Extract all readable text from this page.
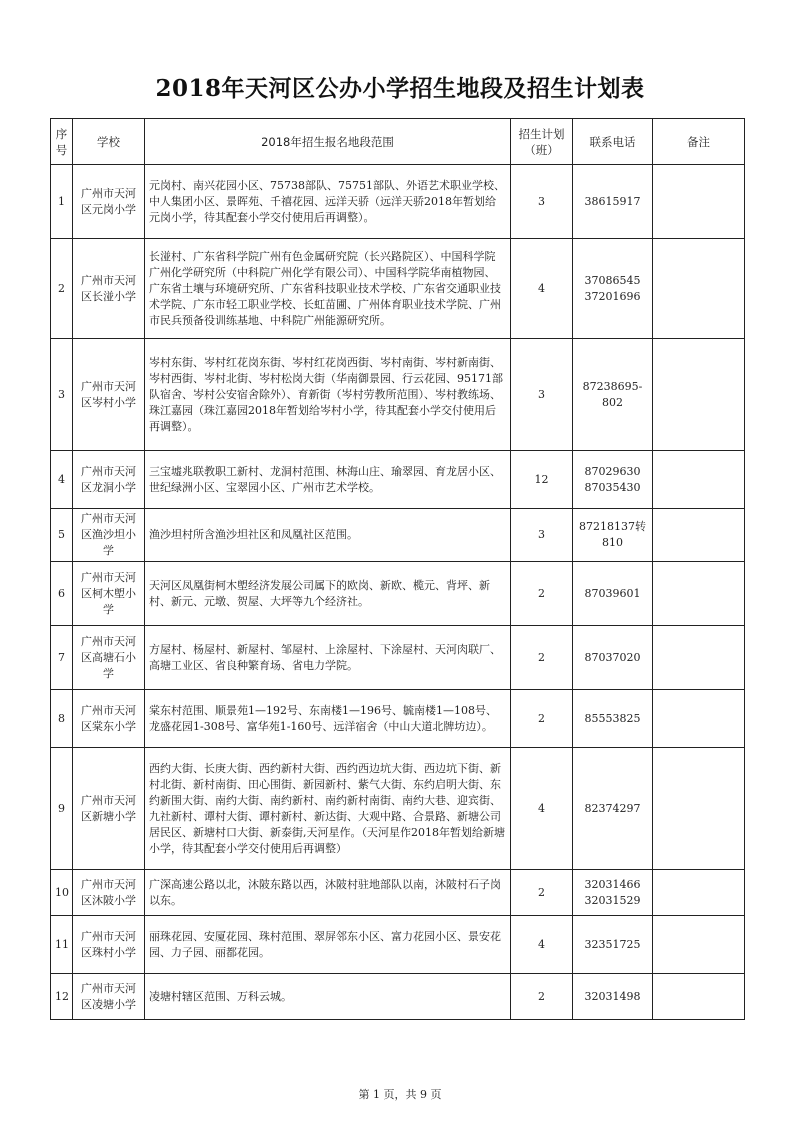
2018年天河区公办小学招生地段及招生计划表
序号	学校	2018年招生报名地段范围	招生计划（班）	联系电话	备注
1	广州市天河区元岗小学	元岗村、南兴花园小区、75738部队、75751部队、外语艺术职业学校、中人集团小区、景晖苑、千禧花园、远洋天骄（远洋天骄2018年暂划给元岗小学，待其配套小学交付使用后再调整）。	3	38615917	

2	广州市天河区长湴小学	长湴村、广东省科学院广州有色金属研究院（长兴路院区）、中国科学院广州化学研究所（中科院广州化学有限公司）、中国科学院华南植物园、广东省土壤与环境研究所、广东省科技职业技术学校、广东省交通职业技术学院、广东市轻工职业学校、长虹苗圃、广州体育职业技术学院、广州市民兵预备役训练基地、中科院广州能源研究所。	4	37086545
37201696	

3	广州市天河区岑村小学	岑村东街、岑村红花岗东街、岑村红花岗西街、岑村南街、岑村新南街、岑村西街、岑村北街、岑村松岗大街（华南御景园、行云花园、95171部队宿舍、岑村公安宿舍除外）、育新街（岑村劳教所范围）、岑村教练场、珠江嘉园（珠江嘉园2018年暂划给岑村小学，待其配套小学交付使用后再调整）。	3	87238695-802	

4	广州市天河区龙洞小学	三宝墟兆联教职工新村、龙洞村范围、林海山庄、瑜翠园、育龙居小区、世纪绿洲小区、宝翠园小区、广州市艺术学校。	12	87029630
87035430	

5	广州市天河区渔沙坦小学	渔沙坦村所含渔沙坦社区和凤凰社区范围。	3	87218137转810	

6	广州市天河区柯木塱小学	天河区凤凰街柯木塱经济发展公司属下的欧岗、新欧、榄元、背坪、新村、新元、元墩、贺屋、大坪等九个经济社。	2	87039601	

7	广州市天河区高塘石小学	方屋村、杨屋村、新屋村、邹屋村、上涂屋村、下涂屋村、天河肉联厂、高塘工业区、省良种繁育场、省电力学院。	2	87037020	

8	广州市天河区棠东小学	棠东村范围、顺景苑1—192号、东南楼1—196号、毓南楼1—108号、龙盛花园1-308号、富华苑1-160号、远洋宿舍（中山大道北牌坊边）。	2	85553825	

9	广州市天河区新塘小学	西约大街、长庚大街、西约新村大街、西约西边坑大街、西边坑下街、新村北街、新村南街、田心围街、新园新村、紫气大街、东约启明大街、东约新围大街、南约大街、南约新村、南约新村南街、南约大巷、迎宾街、九社新村、谭村大街、谭村新村、新达街、大观中路、合景路、新塘公司居民区、新塘村口大街、新泰街,天河星作。（天河星作2018年暂划给新塘小学，待其配套小学交付使用后再调整）	4	82374297	

10	广州市天河区沐陂小学	广深高速公路以北，沐陂东路以西，沐陂村驻地部队以南，沐陂村石子岗以东。	2	32031466
32031529	

11	广州市天河区珠村小学	丽珠花园、安厦花园、珠村范围、翠屏邻东小区、富力花园小区、景安花园、力子园、丽都花园。	4	32351725	

12	广州市天河区凌塘小学	凌塘村辖区范围、万科云城。	2	32031498	

第 1 页，共 9 页
